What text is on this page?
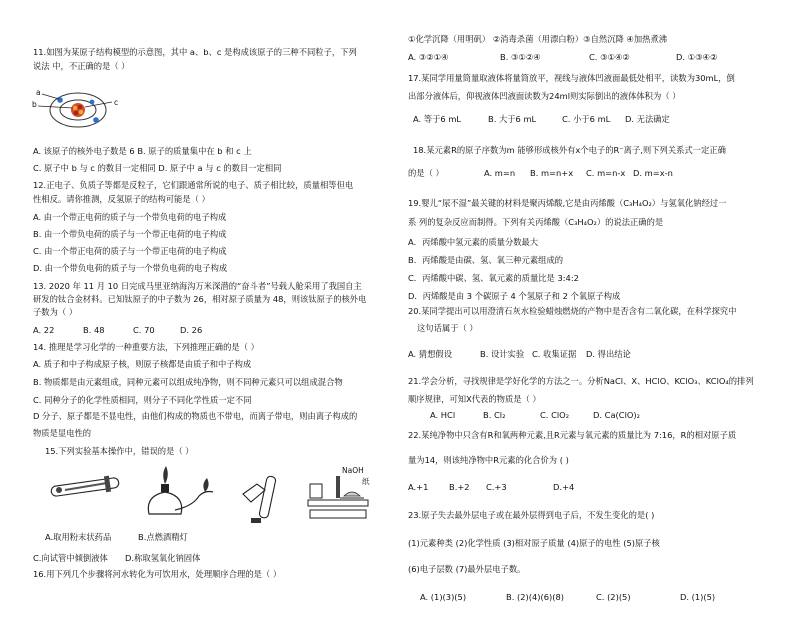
11.如图为某原子结构模型的示意图，其中 a、b、c 是构成该原子的三种不同粒子，下列
说法 中，不正确的是（ ）
a
b	c
A. 该原子的核外电子数是 6 B. 原子的质量集中在 b 和 c 上
C. 原子中 b 与 c 的数目一定相同 D. 原子中 a 与 c 的数目一定相同
12.正电子、负质子等都是反粒子，它们跟通常所说的电子、质子相比较，质量相等但电
性相反。请你推测，反氢原子的结构可能是（ ）
A. 由一个带正电荷的质子与一个带负电荷的电子构成
B. 由一个带负电荷的质子与一个带正电荷的电子构成
C. 由一个带正电荷的质子与一个带正电荷的电子构成
D. 由一个带负电荷的质子与一个带负电荷的电子构成
13. 2020 年 11 月 10 日完成马里亚纳海沟万米深潜的“奋斗者”号载人舱采用了我国自主
研发的钛合金材料。已知钛原子的中子数为 26，相对原子质量为 48，则该钛原子的核外电
子数为（ ）
A. 22	B. 48	C. 70	D. 26
14. 推理是学习化学的一种重要方法，下列推理正确的是（ ）
A. 质子和中子构成原子核，则原子核都是由质子和中子构成
B. 物质都是由元素组成，同种元素可以组成纯净物，则不同种元素只可以组成混合物
C. 同种分子的化学性质相同，则分子不同化学性质一定不同
D 分子、原子都是不显电性，由他们构成的物质也不带电，而离子带电，则由离子构成的
物质是显电性的
15.下列实验基本操作中，错误的是（ ）
NaOH
纸
A.取用粉末状药品	B.点燃酒精灯
C.向试管中倾倒液体 D.称取氢氧化钠固体
16.用下列几个步骤将河水转化为可饮用水，处理顺序合理的是（ ）
①化学沉降（用明矾） ②消毒杀菌（用漂白粉）③自然沉降 ④加热煮沸
A. ③②①④	B. ③①②④	C. ③①④②	D. ①③④②
17.某同学用量筒量取液体将量筒放平，视线与液体凹液面最低处相平，读数为30mL，倒
出部分液体后，仰视液体凹液面读数为24ml则实际倒出的液体体积为（ ）
A. 等于6 mL	B. 大于6 mL	C. 小于6 mL D. 无法确定
18.某元素R的原子序数为m 能够形成核外有x个电子的R⁻离子,则下列关系式一定正确
的是（ ）	A. m=n B. m=n+x C. m=n-x D. m=x-n
19.婴儿“尿不湿”最关键的材料是聚丙烯酸,它是由丙烯酸（C₃H₄O₂）与氢氧化钠经过一
系 列的复杂反应而制得。下列有关丙烯酸（C₃H₄O₂）的说法正确的是
A．丙烯酸中氢元素的质量分数最大
B．丙烯酸是由碳、氢、氧三种元素组成的
C．丙烯酸中碳、氢、氧元素的质量比是 3:4:2
D．丙烯酸是由 3 个碳原子 4 个氢原子和 2 个氧原子构成
20.某同学提出可以用澄清石灰水检验蜡烛燃烧的产物中是否含有二氧化碳，在科学探究中
这句话属于（ ）
A. 猜想假设	B. 设计实验 C. 收集证据 D. 得出结论
21.学会分析，寻找规律是学好化学的方法之一。分析NaCl、X、HClO、KClO₃、KClO₄的排列
顺序规律，可知X代表的物质是（ ）
A. HCl	B. Cl₂	C. ClO₂	D. Ca(ClO)₂
22.某纯净物中只含有R和氧两种元素,且R元素与氧元素的质量比为 7:16，R的相对原子质
量为14，则该纯净物中R元素的化合价为 ( )
A.+1 B.+2 C.+3	D.+4
23.原子失去最外层电子或在最外层得到电子后，不发生变化的是( )
(1)元素种类 (2)化学性质 (3)相对原子质量 (4)原子的电性 (5)原子核
(6)电子层数 (7)最外层电子数。
A. (1)(3)(5)	B. (2)(4)(6)(8)	C. (2)(5)	D. (1)(5)
